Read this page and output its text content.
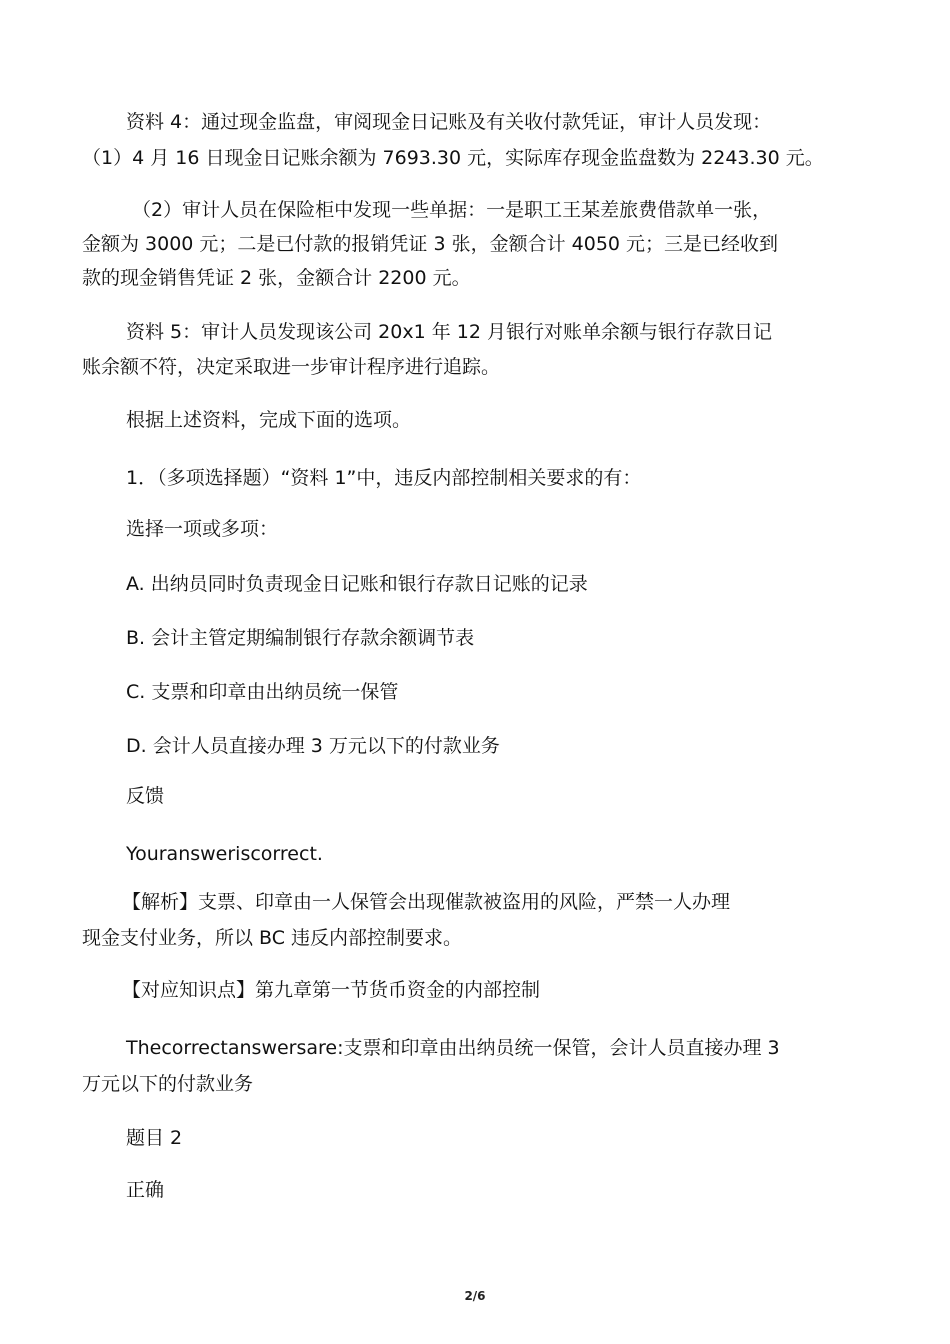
资料 4：通过现金监盘，审阅现金日记账及有关收付款凭证，审计人员发现：
（1）4 月 16 日现金日记账余额为 7693.30 元，实际库存现金监盘数为 2243.30 元。
（2）审计人员在保险柜中发现一些单据：一是职工王某差旅费借款单一张，
金额为 3000 元；二是已付款的报销凭证 3 张，金额合计 4050 元；三是已经收到
款的现金销售凭证 2 张，金额合计 2200 元。
资料 5：审计人员发现该公司 20x1 年 12 月银行对账单余额与银行存款日记
账余额不符，决定采取进一步审计程序进行追踪。
根据上述资料，完成下面的选项。
1．（多项选择题）“资料 1”中，违反内部控制相关要求的有：
选择一项或多项：
A. 出纳员同时负责现金日记账和银行存款日记账的记录
B. 会计主管定期编制银行存款余额调节表
C. 支票和印章由出纳员统一保管
D. 会计人员直接办理 3 万元以下的付款业务
反馈
Youransweriscorrect.
【解析】支票、印章由一人保管会出现催款被盗用的风险，严禁一人办理
现金支付业务，所以 BC 违反内部控制要求。
【对应知识点】第九章第一节货币资金的内部控制
Thecorrectanswersare:支票和印章由出纳员统一保管，会计人员直接办理 3
万元以下的付款业务
题目 2
正确
2/6
